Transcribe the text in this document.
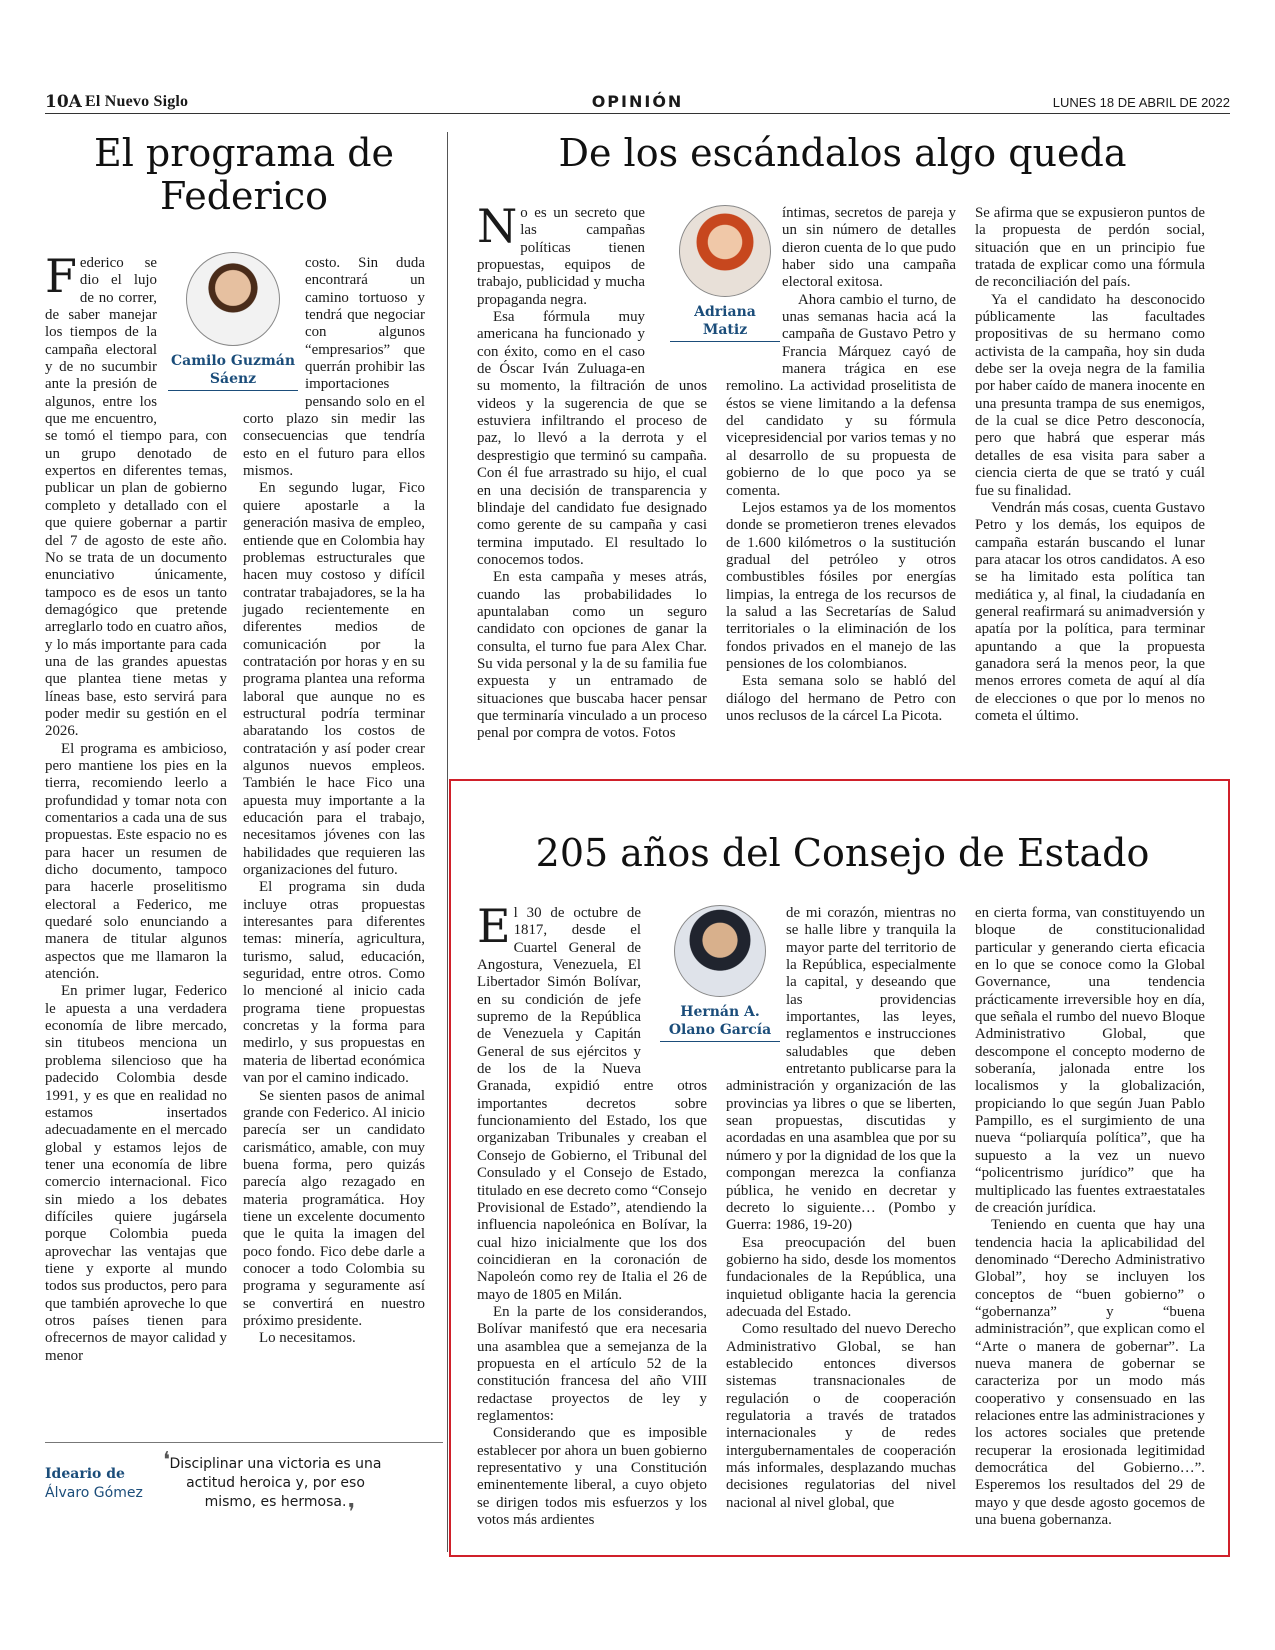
10A El Nuevo Siglo	OPINIÓN	LUNES 18 DE ABRIL DE 2022
El programa de Federico
Camilo Guzmán Sáenz

Federico se dio el lujo de no correr, de saber manejar los tiempos de la campaña electoral y de no sucumbir ante la presión de algunos, entre los que me encuentro, se tomó el tiempo para, con un grupo denotado de expertos en diferentes temas, publicar un plan de gobierno completo y detallado con el que quiere gobernar a partir del 7 de agosto de este año. No se trata de un documento enunciativo únicamente, tampoco es de esos un tanto demagógico que pretende arreglarlo todo en cuatro años, y lo más importante para cada una de las grandes apuestas que plantea tiene metas y líneas base, esto servirá para poder medir su gestión en el 2026.

El programa es ambicioso, pero mantiene los pies en la tierra, recomiendo leerlo a profundidad y tomar nota con comentarios a cada una de sus propuestas. Este espacio no es para hacer un resumen de dicho documento, tampoco para hacerle proselitismo electoral a Federico, me quedaré solo enunciando a manera de titular algunos aspectos que me llamaron la atención.

En primer lugar, Federico le apuesta a una verdadera economía de libre mercado, sin titubeos menciona un problema silencioso que ha padecido Colombia desde 1991, y es que en realidad no estamos insertados adecuadamente en el mercado global y estamos lejos de tener una economía de libre comercio internacional. Fico sin miedo a los debates difíciles quiere jugársela porque Colombia pueda aprovechar las ventajas que tiene y exporte al mundo todos sus productos, pero para que también aproveche lo que otros países tienen para ofrecernos de mayor calidad y menor

costo. Sin duda encontrará un camino tortuoso y tendrá que negociar con algunos “empresarios” que querrán prohibir las importaciones pensando solo en el corto plazo sin medir las consecuencias que tendría esto en el futuro para ellos mismos.

En segundo lugar, Fico quiere apostarle a la generación masiva de empleo, entiende que en Colombia hay problemas estructurales que hacen muy costoso y difícil contratar trabajadores, se la ha jugado recientemente en diferentes medios de comunicación por la contratación por horas y en su programa plantea una reforma laboral que aunque no es estructural podría terminar abaratando los costos de contratación y así poder crear algunos nuevos empleos. También le hace Fico una apuesta muy importante a la educación para el trabajo, necesitamos jóvenes con las habilidades que requieren las organizaciones del futuro.

El programa sin duda incluye otras propuestas interesantes para diferentes temas: minería, agricultura, turismo, salud, educación, seguridad, entre otros. Como lo mencioné al inicio cada programa tiene propuestas concretas y la forma para medirlo, y sus propuestas en materia de libertad económica van por el camino indicado.

Se sienten pasos de animal grande con Federico. Al inicio parecía ser un candidato carismático, amable, con muy buena forma, pero quizás parecía algo rezagado en materia programática. Hoy tiene un excelente documento que le quita la imagen del poco fondo. Fico debe darle a conocer a todo Colombia su programa y seguramente así se convertirá en nuestro próximo presidente.

Lo necesitamos.

De los escándalos algo queda
Adriana Matiz

No es un secreto que las campañas políticas tienen propuestas, equipos de trabajo, publicidad y mucha propaganda negra.

Esa fórmula muy americana ha funcionado y con éxito, como en el caso de Óscar Iván Zuluaga-en su momento, la filtración de unos videos y la sugerencia de que se estuviera infiltrando el proceso de paz, lo llevó a la derrota y el desprestigio que terminó su campaña. Con él fue arrastrado su hijo, el cual en una decisión de transparencia y blindaje del candidato fue designado como gerente de su campaña y casi termina imputado. El resultado lo conocemos todos.

En esta campaña y meses atrás, cuando las probabilidades lo apuntalaban como un seguro candidato con opciones de ganar la consulta, el turno fue para Alex Char. Su vida personal y la de su familia fue expuesta y un entramado de situaciones que buscaba hacer pensar que terminaría vinculado a un proceso penal por compra de votos. Fotos

íntimas, secretos de pareja y un sin número de detalles dieron cuenta de lo que pudo haber sido una campaña electoral exitosa.

Ahora cambio el turno, de unas semanas hacia acá la campaña de Gustavo Petro y Francia Márquez cayó de manera trágica en ese remolino. La actividad proselitista de éstos se viene limitando a la defensa del candidato y su fórmula vicepresidencial por varios temas y no al desarrollo de su propuesta de gobierno de lo que poco ya se comenta.

Lejos estamos ya de los momentos donde se prometieron trenes elevados de 1.600 kilómetros o la sustitución gradual del petróleo y otros combustibles fósiles por energías limpias, la entrega de los recursos de la salud a las Secretarías de Salud territoriales o la eliminación de los fondos privados en el manejo de las pensiones de los colombianos.

Esta semana solo se habló del diálogo del hermano de Petro con unos reclusos de la cárcel La Picota.

Se afirma que se expusieron puntos de la propuesta de perdón social, situación que en un principio fue tratada de explicar como una fórmula de reconciliación del país.

Ya el candidato ha desconocido públicamente las facultades propositivas de su hermano como activista de la campaña, hoy sin duda debe ser la oveja negra de la familia por haber caído de manera inocente en una presunta trampa de sus enemigos, de la cual se dice Petro desconocía, pero que habrá que esperar más detalles de esa visita para saber a ciencia cierta de que se trató y cuál fue su finalidad.

Vendrán más cosas, cuenta Gustavo Petro y los demás, los equipos de campaña estarán buscando el lunar para atacar los otros candidatos. A eso se ha limitado esta política tan mediática y, al final, la ciudadanía en general reafirmará su animadversión y apatía por la política, para terminar apuntando a que la propuesta ganadora será la menos peor, la que menos errores cometa de aquí al día de elecciones o que por lo menos no cometa el último.

205 años del Consejo de Estado
Hernán A. Olano García

El 30 de octubre de 1817, desde el Cuartel General de Angostura, Venezuela, El Libertador Simón Bolívar, en su condición de jefe supremo de la República de Venezuela y Capitán General de sus ejércitos y de los de la Nueva Granada, expidió entre otros importantes decretos sobre funcionamiento del Estado, los que organizaban Tribunales y creaban el Consejo de Gobierno, el Tribunal del Consulado y el Consejo de Estado, titulado en ese decreto como “Consejo Provisional de Estado”, atendiendo la influencia napoleónica en Bolívar, la cual hizo inicialmente que los dos coincidieran en la coronación de Napoleón como rey de Italia el 26 de mayo de 1805 en Milán.

En la parte de los considerandos, Bolívar manifestó que era necesaria una asamblea que a semejanza de la propuesta en el artículo 52 de la constitución francesa del año VIII redactase proyectos de ley y reglamentos:

Considerando que es imposible establecer por ahora un buen gobierno representativo y una Constitución eminentemente liberal, a cuyo objeto se dirigen todos mis esfuerzos y los votos más ardientes

de mi corazón, mientras no se halle libre y tranquila la mayor parte del territorio de la República, especialmente la capital, y deseando que las providencias importantes, las leyes, reglamentos e instrucciones saludables que deben entretanto publicarse para la administración y organización de las provincias ya libres o que se liberten, sean propuestas, discutidas y acordadas en una asamblea que por su número y por la dignidad de los que la compongan merezca la confianza pública, he venido en decretar y decreto lo siguiente… (Pombo y Guerra: 1986, 19-20)

Esa preocupación del buen gobierno ha sido, desde los momentos fundacionales de la República, una inquietud obligante hacia la gerencia adecuada del Estado.

Como resultado del nuevo Derecho Administrativo Global, se han establecido entonces diversos sistemas transnacionales de regulación o de cooperación regulatoria a través de tratados internacionales y de redes intergubernamentales de cooperación más informales, desplazando muchas decisiones regulatorias del nivel nacional al nivel global, que

en cierta forma, van constituyendo un bloque de constitucionalidad particular y generando cierta eficacia en lo que se conoce como la Global Governance, una tendencia prácticamente irreversible hoy en día, que señala el rumbo del nuevo Bloque Administrativo Global, que descompone el concepto moderno de soberanía, jalonada entre los localismos y la globalización, propiciando lo que según Juan Pablo Pampillo, es el surgimiento de una nueva “poliarquía política”, que ha supuesto a la vez un nuevo “policentrismo jurídico” que ha multiplicado las fuentes extraestatales de creación jurídica.

Teniendo en cuenta que hay una tendencia hacia la aplicabilidad del denominado “Derecho Administrativo Global”, hoy se incluyen los conceptos de “buen gobierno” o “gobernanza” y “buena administración”, que explican como el “Arte o manera de gobernar”. La nueva manera de gobernar se caracteriza por un modo más cooperativo y consensuado en las relaciones entre las administraciones y los actores sociales que pretende recuperar la erosionada legitimidad democrática del Gobierno…”. Esperemos los resultados del 29 de mayo y que desde agosto gocemos de una buena gobernanza.

Ideario de
Álvaro Gómez
❛ Disciplinar una victoria es una actitud heroica y, por eso mismo, es hermosa. ❜
